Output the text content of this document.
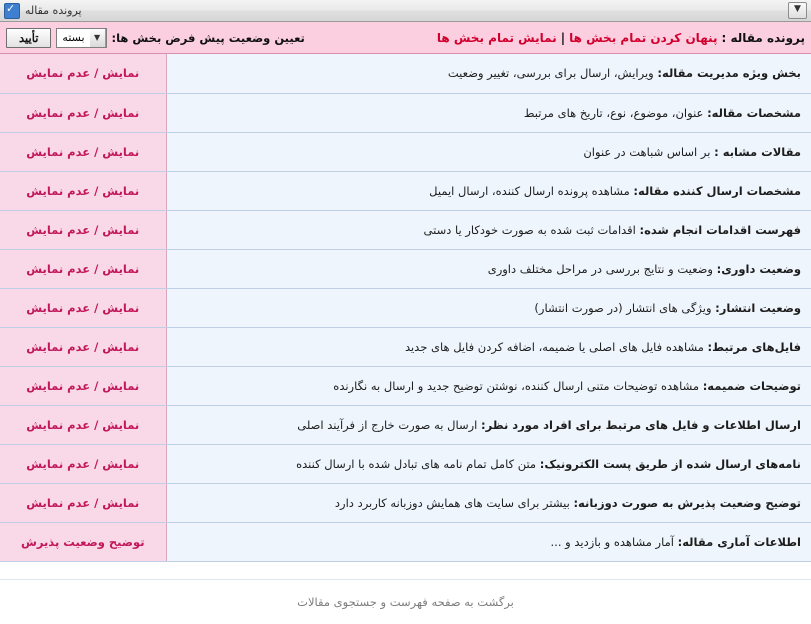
▼
پرونده مقاله
✓
پرونده مقاله :
پنهان کردن تمام بخش ها
|
نمایش تمام بخش ها
تعیین وضعیت پیش فرض بخش ها:
▼
بسته
تأیید
بخش ویژه مدیریت مقاله: ویرایش، ارسال برای بررسی، تغییر وضعیت	نمایش / عدم نمایش
مشخصات مقاله: عنوان، موضوع، نوع، تاریخ های مرتبط	نمایش / عدم نمایش
مقالات مشابه : بر اساس شباهت در عنوان	نمایش / عدم نمایش
مشخصات ارسال کننده مقاله: مشاهده پرونده ارسال کننده، ارسال ایمیل	نمایش / عدم نمایش
فهرست اقدامات انجام شده: اقدامات ثبت شده به صورت خودکار یا دستی	نمایش / عدم نمایش
وضعیت داوری: وضعیت و نتایج بررسی در مراحل مختلف داوری	نمایش / عدم نمایش
وضعیت انتشار: ویژگی های انتشار (در صورت انتشار)	نمایش / عدم نمایش
فایل‌های مرتبط: مشاهده فایل های اصلی یا ضمیمه، اضافه کردن فایل های جدید	نمایش / عدم نمایش
توضیحات ضمیمه: مشاهده توضیحات متنی ارسال کننده، نوشتن توضیح جدید و ارسال به نگارنده	نمایش / عدم نمایش
ارسال اطلاعات و فایل های مرتبط برای افراد مورد نظر: ارسال به صورت خارج از فرآیند اصلی	نمایش / عدم نمایش
نامه‌های ارسال شده از طریق پست الکترونیک: متن کامل تمام نامه های تبادل شده با ارسال کننده	نمایش / عدم نمایش
توضیح وضعیت پذیرش به صورت دوزبانه: بیشتر برای سایت های همایش دوزبانه کاربرد دارد	نمایش / عدم نمایش
اطلاعات آماری مقاله: آمار مشاهده و بازدید و ...	توضیح وضعیت پذیرش
برگشت به صفحه فهرست و جستجوی مقالات
